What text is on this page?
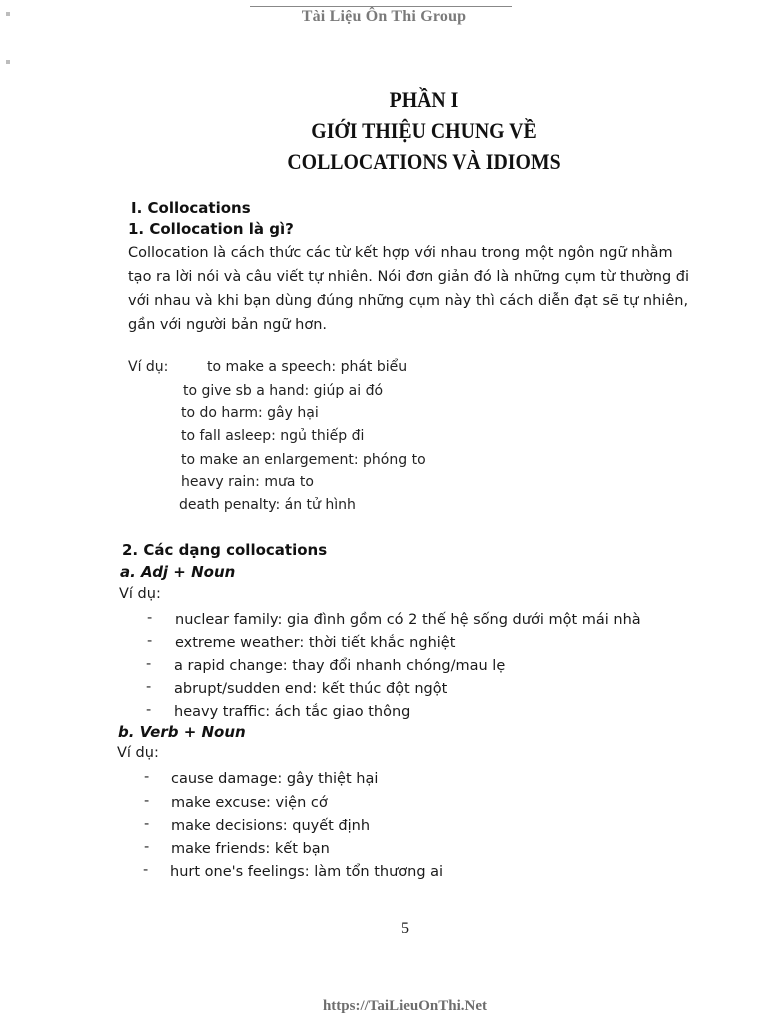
Tài Liệu Ôn Thi Group
PHẦN I
GIỚI THIỆU CHUNG VỀ
COLLOCATIONS VÀ IDIOMS
I. Collocations
1. Collocation là gì?
Collocation là cách thức các từ kết hợp với nhau trong một ngôn ngữ nhằm
tạo ra lời nói và câu viết tự nhiên. Nói đơn giản đó là những cụm từ thường đi
với nhau và khi bạn dùng đúng những cụm này thì cách diễn đạt sẽ tự nhiên,
gần với người bản ngữ hơn.
Ví dụ:	to make a speech: phát biểu
to give sb a hand: giúp ai đó
to do harm: gây hại
to fall asleep: ngủ thiếp đi
to make an enlargement: phóng to
heavy rain: mưa to
death penalty: án tử hình
2. Các dạng collocations
a. Adj + Noun
Ví dụ:
- nuclear family: gia đình gồm có 2 thế hệ sống dưới một mái nhà
- extreme weather: thời tiết khắc nghiệt
- a rapid change: thay đổi nhanh chóng/mau lẹ
- abrupt/sudden end: kết thúc đột ngột
- heavy traffic: ách tắc giao thông
b. Verb + Noun
Ví dụ:
- cause damage: gây thiệt hại
- make excuse: viện cớ
- make decisions: quyết định
- make friends: kết bạn
- hurt one's feelings: làm tổn thương ai
5
https://TaiLieuOnThi.Net
